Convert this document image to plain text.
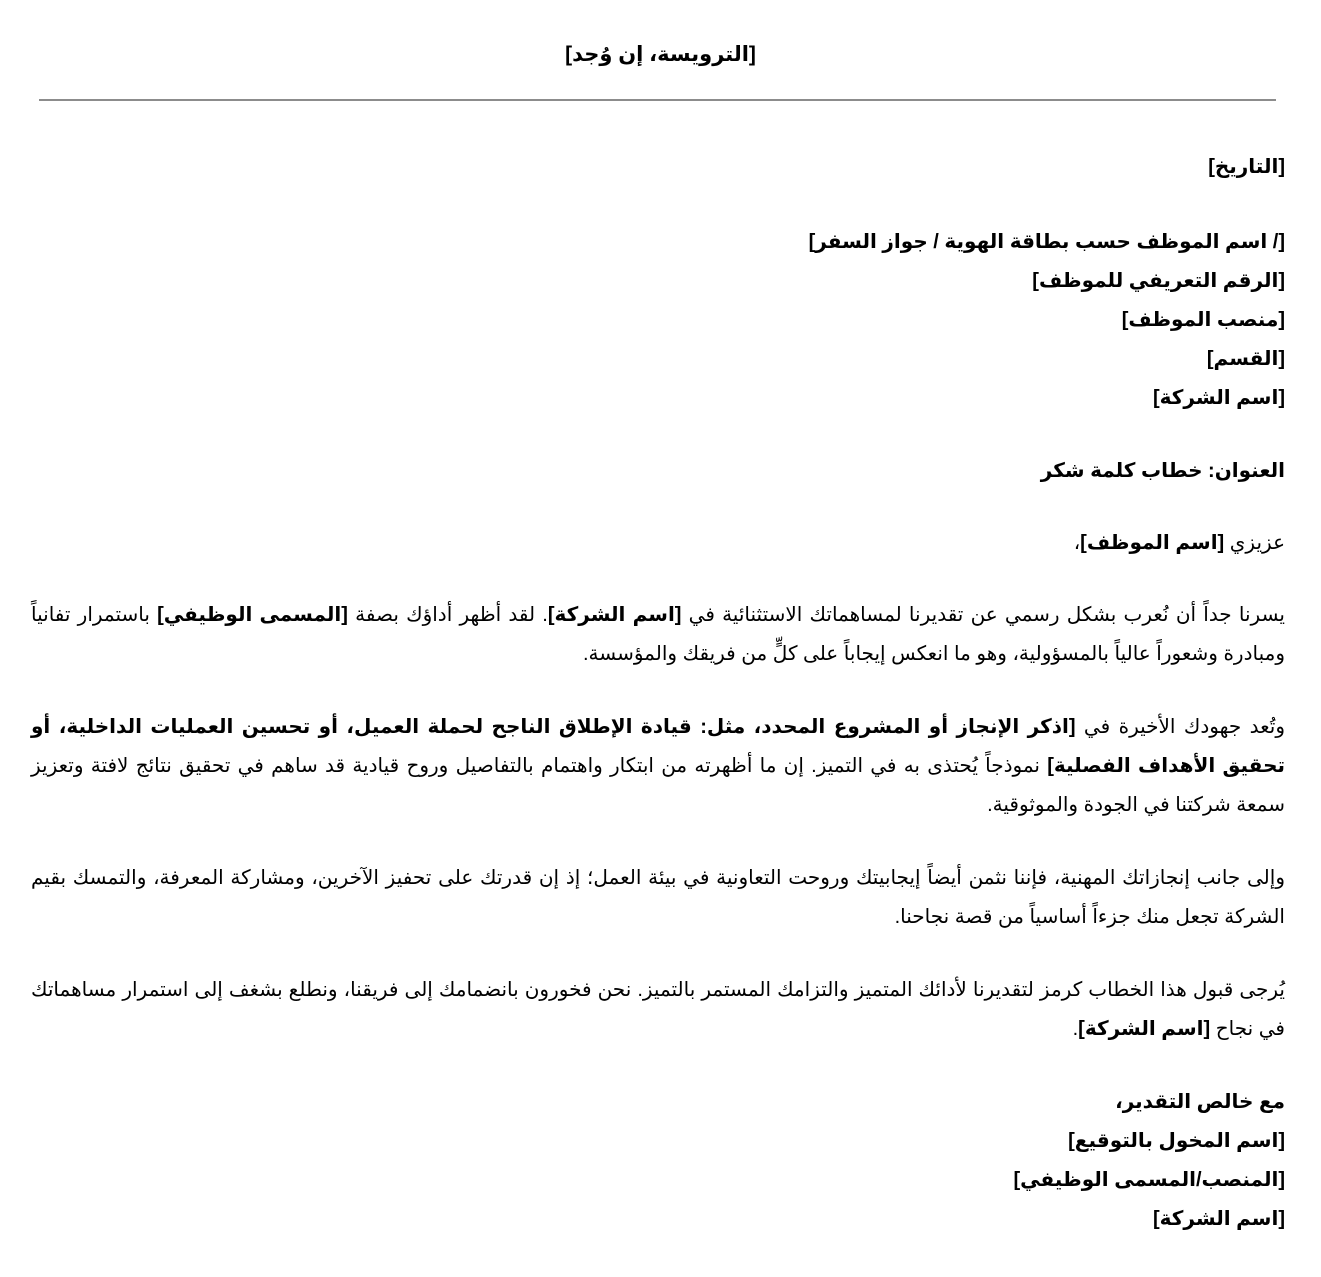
[الترويسة، إن وُجد]
[التاريخ]
[/ اسم الموظف حسب بطاقة الهوية / جواز السفر]
[الرقم التعريفي للموظف]
[منصب الموظف]
[القسم]
[اسم الشركة]
العنوان: خطاب كلمة شكر
عزيزي [اسم الموظف]،

يسرنا جداً أن نُعرب بشكل رسمي عن تقديرنا لمساهماتك الاستثنائية في [اسم الشركة]. لقد أظهر أداؤك بصفة [المسمى الوظيفي] باستمرار تفانياً ومبادرة وشعوراً عالياً بالمسؤولية، وهو ما انعكس إيجاباً على كلٍّ من فريقك والمؤسسة.

وتُعد جهودك الأخيرة في [اذكر الإنجاز أو المشروع المحدد، مثل: قيادة الإطلاق الناجح لحملة العميل، أو تحسين العمليات الداخلية، أو تحقيق الأهداف الفصلية] نموذجاً يُحتذى به في التميز. إن ما أظهرته من ابتكار واهتمام بالتفاصيل وروح قيادية قد ساهم في تحقيق نتائج لافتة وتعزيز سمعة شركتنا في الجودة والموثوقية.

وإلى جانب إنجازاتك المهنية، فإننا نثمن أيضاً إيجابيتك وروحت التعاونية في بيئة العمل؛ إذ إن قدرتك على تحفيز الآخرين، ومشاركة المعرفة، والتمسك بقيم الشركة تجعل منك جزءاً أساسياً من قصة نجاحنا.

يُرجى قبول هذا الخطاب كرمز لتقديرنا لأدائك المتميز والتزامك المستمر بالتميز. نحن فخورون بانضمامك إلى فريقنا، ونطلع بشغف إلى استمرار مساهماتك في نجاح [اسم الشركة].

مع خالص التقدير،
[اسم المخول بالتوقيع]
[المنصب/المسمى الوظيفي]
[اسم الشركة]
